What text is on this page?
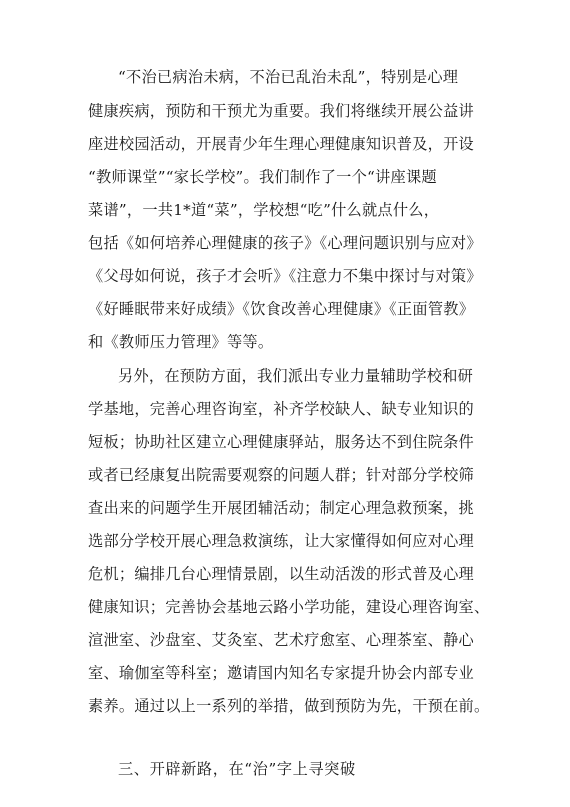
“不治已病治未病，不治已乱治未乱”，特别是心理
健康疾病，预防和干预尤为重要。我们将继续开展公益讲
座进校园活动，开展青少年生理心理健康知识普及，开设
“教师课堂”“家长学校”。我们制作了一个“讲座课题
菜谱”，一共1*道“菜”，学校想“吃”什么就点什么，
包括《如何培养心理健康的孩子》《心理问题识别与应对》
《父母如何说，孩子才会听》《注意力不集中探讨与对策》
《好睡眠带来好成绩》《饮食改善心理健康》《正面管教》
和《教师压力管理》等等。
另外，在预防方面，我们派出专业力量辅助学校和研
学基地，完善心理咨询室，补齐学校缺人、缺专业知识的
短板；协助社区建立心理健康驿站，服务达不到住院条件
或者已经康复出院需要观察的问题人群；针对部分学校筛
查出来的问题学生开展团辅活动；制定心理急救预案，挑
选部分学校开展心理急救演练，让大家懂得如何应对心理
危机；编排几台心理情景剧，以生动活泼的形式普及心理
健康知识；完善协会基地云路小学功能，建设心理咨询室、
渲泄室、沙盘室、艾灸室、艺术疗愈室、心理茶室、静心
室、瑜伽室等科室；邀请国内知名专家提升协会内部专业
素养。通过以上一系列的举措，做到预防为先，干预在前。
三、开辟新路，在“治”字上寻突破
